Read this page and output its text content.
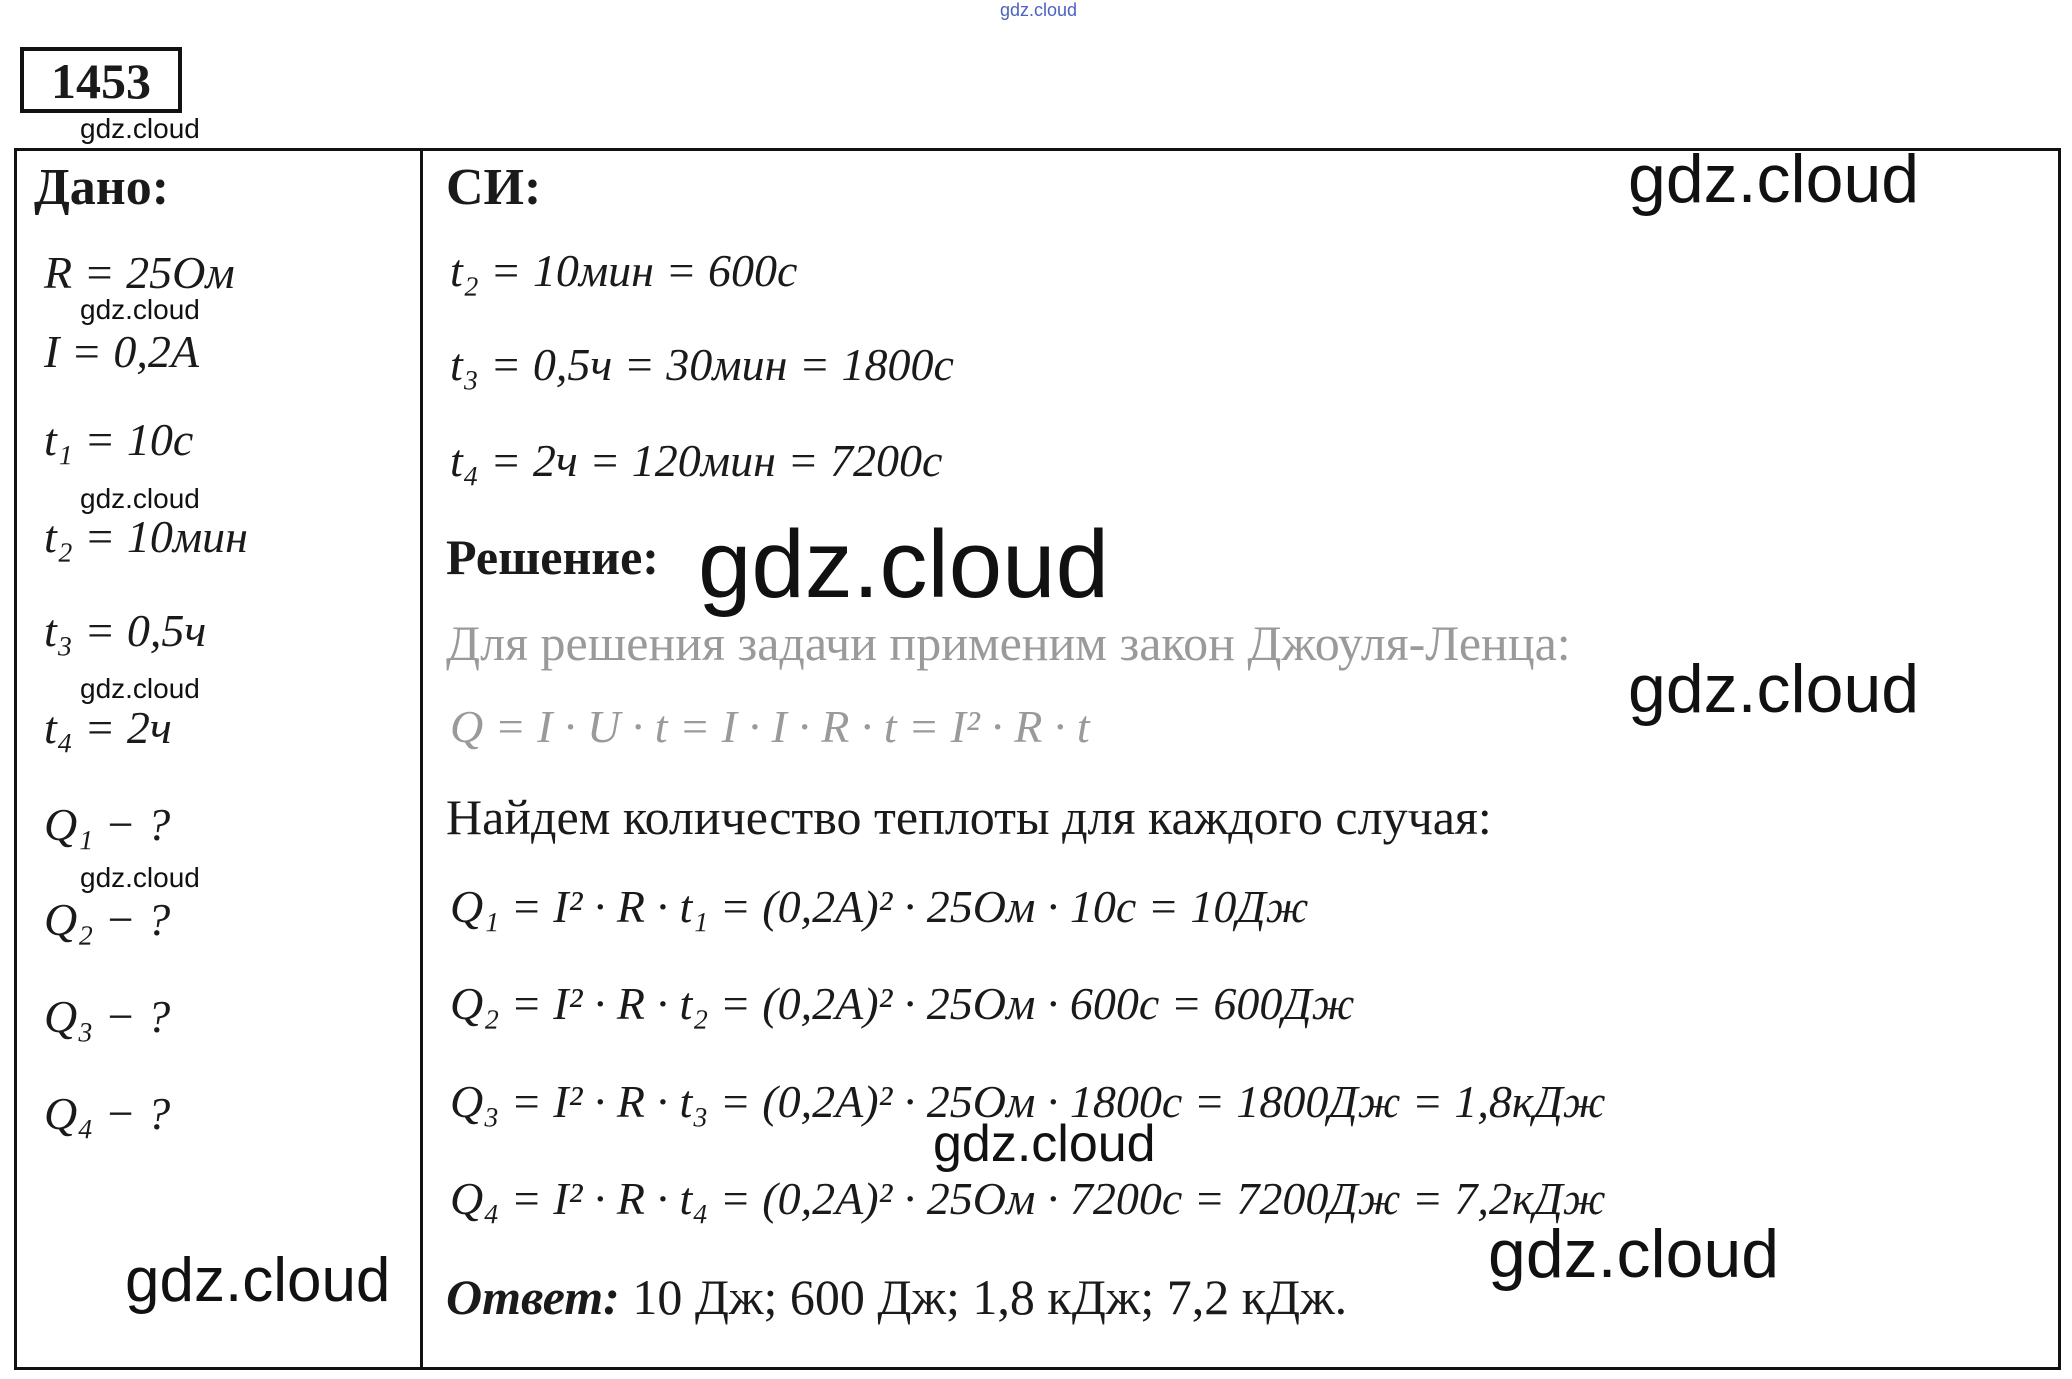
gdz.cloud
1453
gdz.cloud
Дано:
R = 25Ом
gdz.cloud
I = 0,2A
t₁ = 10c
gdz.cloud
t₂ = 10мин
t₃ = 0,5ч
gdz.cloud
t₄ = 2ч
Q₁ − ?
gdz.cloud
Q₂ − ?
Q₃ − ?
Q₄ − ?
gdz.cloud
СИ:	gdz.cloud
t₂ = 10мин = 600c
t₃ = 0,5ч = 30мин = 1800c
t₄ = 2ч = 120мин = 7200c
Решение: gdz.cloud
Для решения задачи применим закон Джоуля-Ленца:
gdz.cloud
Q = I · U · t = I · I · R · t = I² · R · t
Найдем количество теплоты для каждого случая:
Q₁ = I² · R · t₁ = (0,2A)² · 25Ом · 10c = 10Дж
Q₂ = I² · R · t₂ = (0,2A)² · 25Ом · 600c = 600Дж
Q₃ = I² · R · t₃ = (0,2A)² · 25Ом · 1800c = 1800Дж = 1,8кДж
gdz.cloud
Q₄ = I² · R · t₄ = (0,2A)² · 25Ом · 7200c = 7200Дж = 7,2кДж
Ответ: 10 Дж; 600 Дж; 1,8 кДж; 7,2 кДж.
gdz.cloud
